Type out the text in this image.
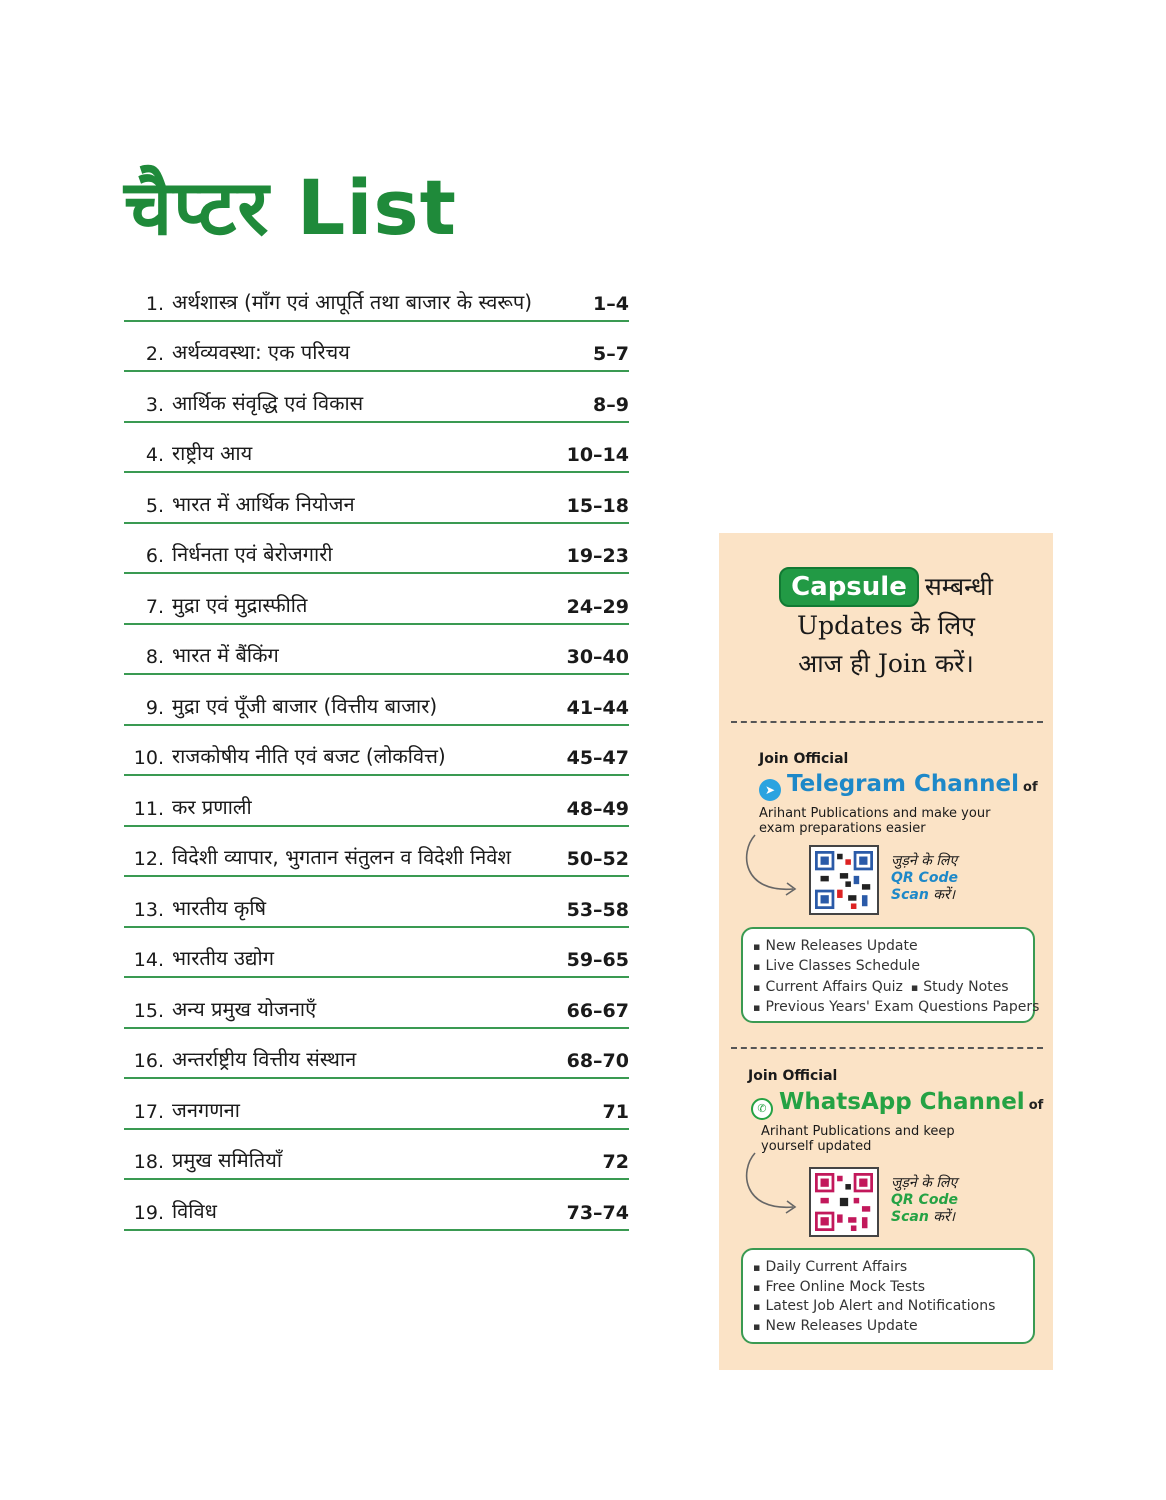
चैप्टर List
1. अर्थशास्त्र (माँग एवं आपूर्ति तथा बाजार के स्वरूप)	1–4
2. अर्थव्यवस्था: एक परिचय	5–7
3. आर्थिक संवृद्धि एवं विकास	8–9
4. राष्ट्रीय आय	10–14
5. भारत में आर्थिक नियोजन	15–18
6. निर्धनता एवं बेरोजगारी	19–23
7. मुद्रा एवं मुद्रास्फीति	24–29
8. भारत में बैंकिंग	30–40
9. मुद्रा एवं पूँजी बाजार (वित्तीय बाजार)	41–44
10. राजकोषीय नीति एवं बजट (लोकवित्त)	45–47
11. कर प्रणाली	48–49
12. विदेशी व्यापार, भुगतान संतुलन व विदेशी निवेश	50–52
13. भारतीय कृषि	53–58
14. भारतीय उद्योग	59–65
15. अन्य प्रमुख योजनाएँ	66–67
16. अन्तर्राष्ट्रीय वित्तीय संस्थान	68–70
17. जनगणना	71
18. प्रमुख समितियाँ	72
19. विविध	73–74
Capsule सम्बन्धी
Updates के लिए
आज ही Join करें।
Join Official
➤ Telegram Channel of
Arihant Publications and make your exam preparations easier
जुड़ने के लिए
QR Code
Scan करें।
▪ New Releases Update
▪ Live Classes Schedule
▪ Current Affairs Quiz▪ Study Notes
▪ Previous Years' Exam Questions Papers
Join Official
✆ WhatsApp Channel of
Arihant Publications and keep yourself updated
जुड़ने के लिए
QR Code
Scan करें।
▪ Daily Current Affairs
▪ Free Online Mock Tests
▪ Latest Job Alert and Notifications
▪ New Releases Update
